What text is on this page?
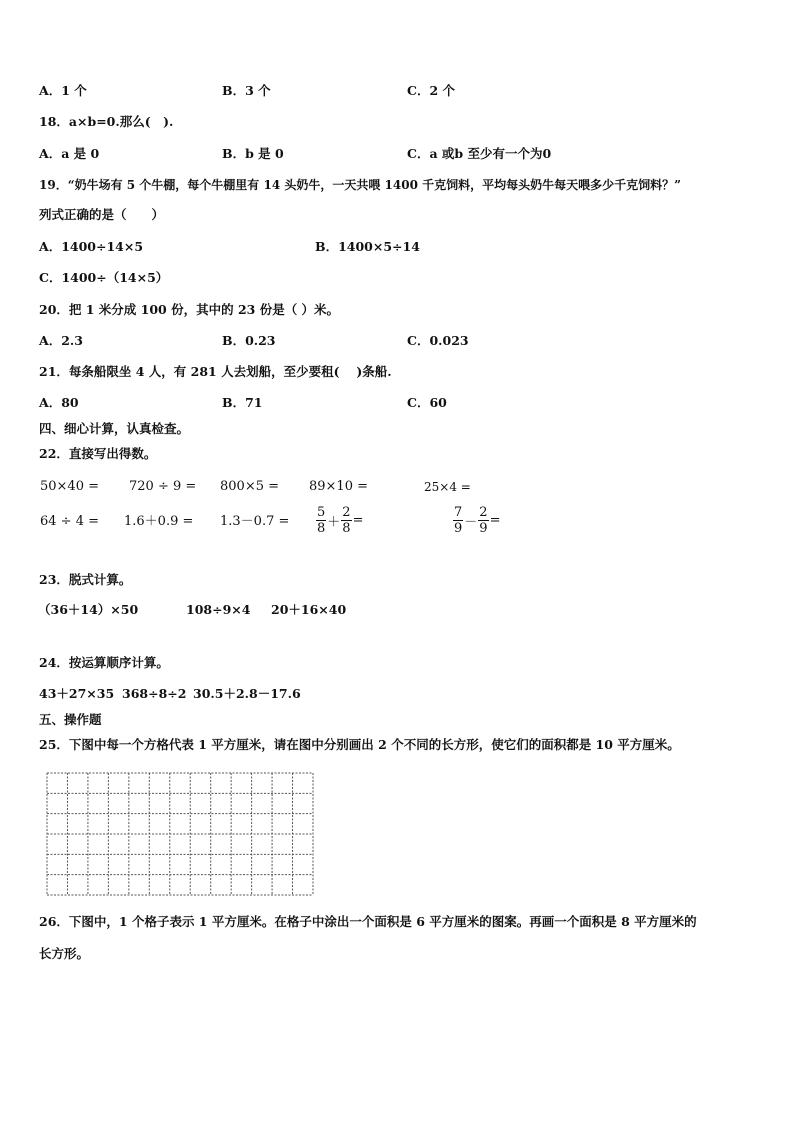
A．1 个	B．3 个	C．2 个
18．a×b=0.那么(　).
A．a 是 0	B．b 是 0	C．a 或b 至少有一个为0
19．“奶牛场有 5 个牛棚，每个牛棚里有 14 头奶牛，一天共喂 1400 千克饲料，平均每头奶牛每天喂多少千克饲料？”
列式正确的是（　　）
A．1400÷14×5	B．1400×5÷14
C．1400÷（14×5）
20．把 1 米分成 100 份，其中的 23 份是（ ）米。
A．2.3	B．0.23	C．0.023
21．每条船限坐 4 人，有 281 人去划船，至少要租(　 )条船.
A．80	B．71	C．60
四、细心计算，认真检查。
22．直接写出得数。
50×40 = 720 ÷ 9 = 800×5 = 89×10 =	25×4 =
$64 \div 4 = 1.6+0.9 = 1.3-0.7 = \frac{5}{8} + \frac{2}{8}$ =	$\frac{7}{9} - \frac{2}{9}$ =
23．脱式计算。
（36＋14）×50	108÷9×4 20＋16×40
24．按运算顺序计算。
43＋27×35 368÷8÷2 30.5＋2.8－17.6
五、操作题
25．下图中每一个方格代表 1 平方厘米，请在图中分别画出 2 个不同的长方形，使它们的面积都是 10 平方厘米。
26．下图中，1 个格子表示 1 平方厘米。在格子中涂出一个面积是 6 平方厘米的图案。再画一个面积是 8 平方厘米的
长方形。
